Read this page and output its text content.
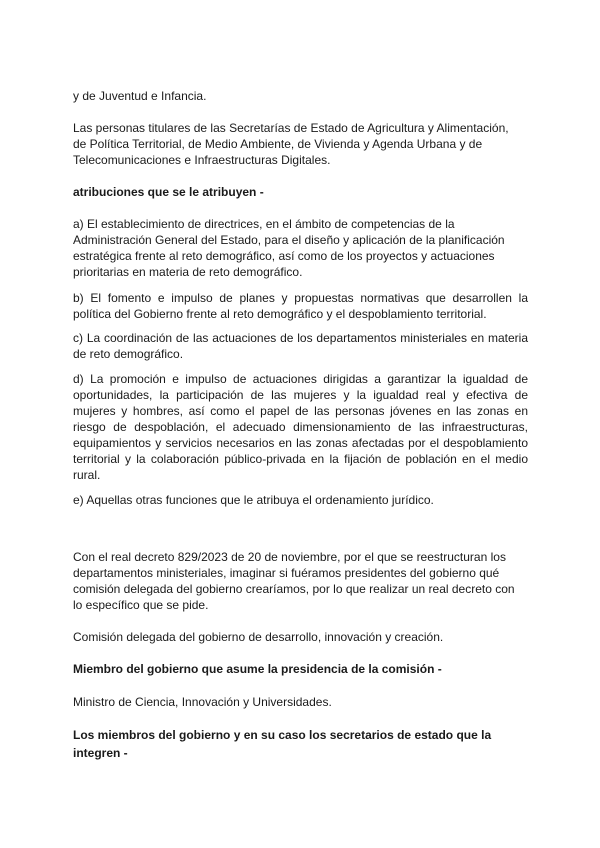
y de Juventud e Infancia.

Las personas titulares de las Secretarías de Estado de Agricultura y Alimentación,
de Política Territorial, de Medio Ambiente, de Vivienda y Agenda Urbana y de
Telecomunicaciones e Infraestructuras Digitales.

atribuciones que se le atribuyen -

a) El establecimiento de directrices, en el ámbito de competencias de la
Administración General del Estado, para el diseño y aplicación de la planificación
estratégica frente al reto demográfico, así como de los proyectos y actuaciones
prioritarias en materia de reto demográfico.

b) El fomento e impulso de planes y propuestas normativas que desarrollen la
política del Gobierno frente al reto demográfico y el despoblamiento territorial.

c) La coordinación de las actuaciones de los departamentos ministeriales en materia
de reto demográfico.

d) La promoción e impulso de actuaciones dirigidas a garantizar la igualdad de
oportunidades, la participación de las mujeres y la igualdad real y efectiva de
mujeres y hombres, así como el papel de las personas jóvenes en las zonas en
riesgo de despoblación, el adecuado dimensionamiento de las infraestructuras,
equipamientos y servicios necesarios en las zonas afectadas por el despoblamiento
territorial y la colaboración público-privada en la fijación de población en el medio
rural.

e) Aquellas otras funciones que le atribuya el ordenamiento jurídico.

Con el real decreto 829/2023 de 20 de noviembre, por el que se reestructuran los
departamentos ministeriales, imaginar si fuéramos presidentes del gobierno qué
comisión delegada del gobierno crearíamos, por lo que realizar un real decreto con
lo específico que se pide.

Comisión delegada del gobierno de desarrollo, innovación y creación.

Miembro del gobierno que asume la presidencia de la comisión -

Ministro de Ciencia, Innovación y Universidades.

Los miembros del gobierno y en su caso los secretarios de estado que la
integren -
